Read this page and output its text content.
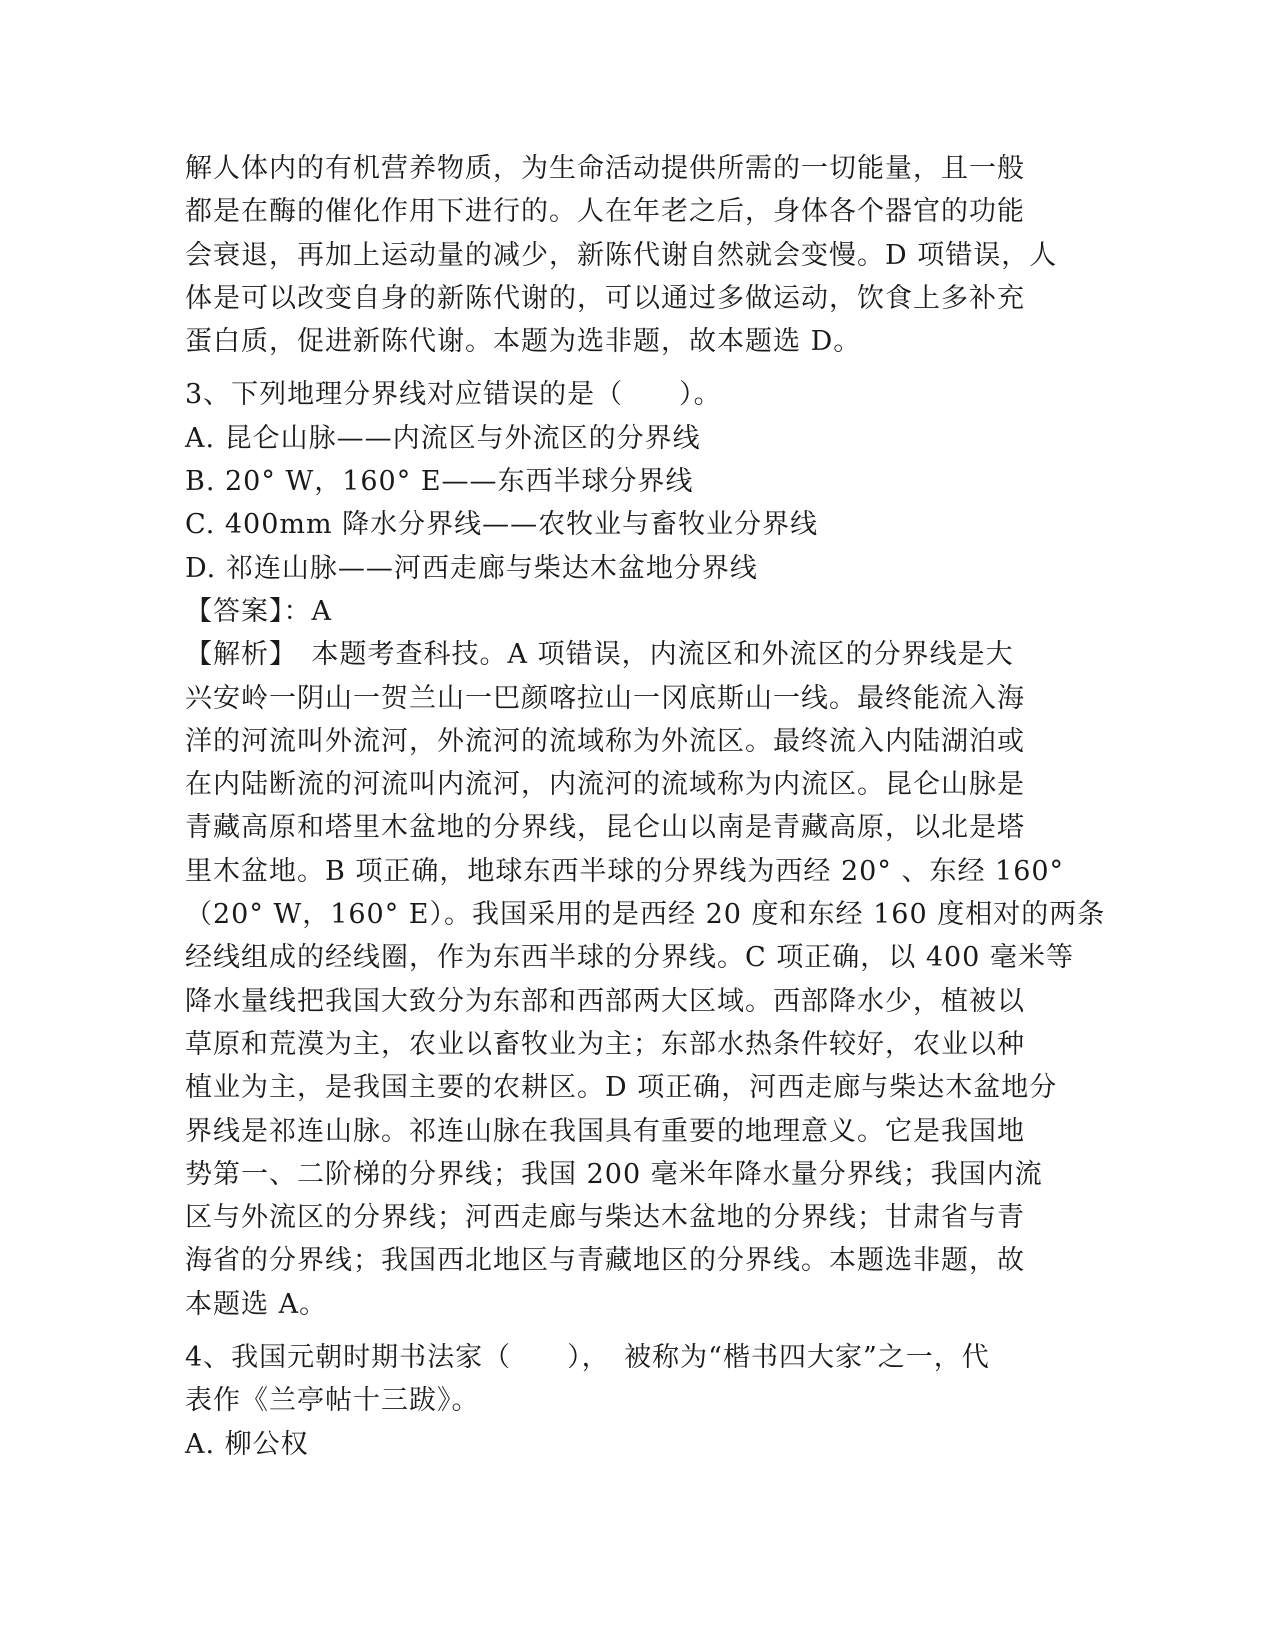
解人体内的有机营养物质，为生命活动提供所需的一切能量，且一般
都是在酶的催化作用下进行的。人在年老之后，身体各个器官的功能
会衰退，再加上运动量的减少，新陈代谢自然就会变慢。D 项错误，人
体是可以改变自身的新陈代谢的，可以通过多做运动，饮食上多补充
蛋白质，促进新陈代谢。本题为选非题，故本题选 D。
3、下列地理分界线对应错误的是（　　）。
A. 昆仑山脉——内流区与外流区的分界线
B. 20° W，160° E——东西半球分界线
C. 400mm 降水分界线——农牧业与畜牧业分界线
D. 祁连山脉——河西走廊与柴达木盆地分界线
【答案】：A
【解析】　本题考查科技。A 项错误，内流区和外流区的分界线是大
兴安岭一阴山一贺兰山一巴颜喀拉山一冈底斯山一线。最终能流入海
洋的河流叫外流河，外流河的流域称为外流区。最终流入内陆湖泊或
在内陆断流的河流叫内流河，内流河的流域称为内流区。昆仑山脉是
青藏高原和塔里木盆地的分界线，昆仑山以南是青藏高原，以北是塔
里木盆地。B 项正确，地球东西半球的分界线为西经 20° 、东经 160°
（20° W，160° E）。我国采用的是西经 20 度和东经 160 度相对的两条
经线组成的经线圈，作为东西半球的分界线。C 项正确，以 400 毫米等
降水量线把我国大致分为东部和西部两大区域。西部降水少，植被以
草原和荒漠为主，农业以畜牧业为主；东部水热条件较好，农业以种
植业为主，是我国主要的农耕区。D 项正确，河西走廊与柴达木盆地分
界线是祁连山脉。祁连山脉在我国具有重要的地理意义。它是我国地
势第一、二阶梯的分界线；我国 200 毫米年降水量分界线；我国内流
区与外流区的分界线；河西走廊与柴达木盆地的分界线；甘肃省与青
海省的分界线；我国西北地区与青藏地区的分界线。本题选非题，故
本题选 A。
4、我国元朝时期书法家（　　），　被称为“楷书四大家”之一，代
表作《兰亭帖十三跋》。
A. 柳公权
